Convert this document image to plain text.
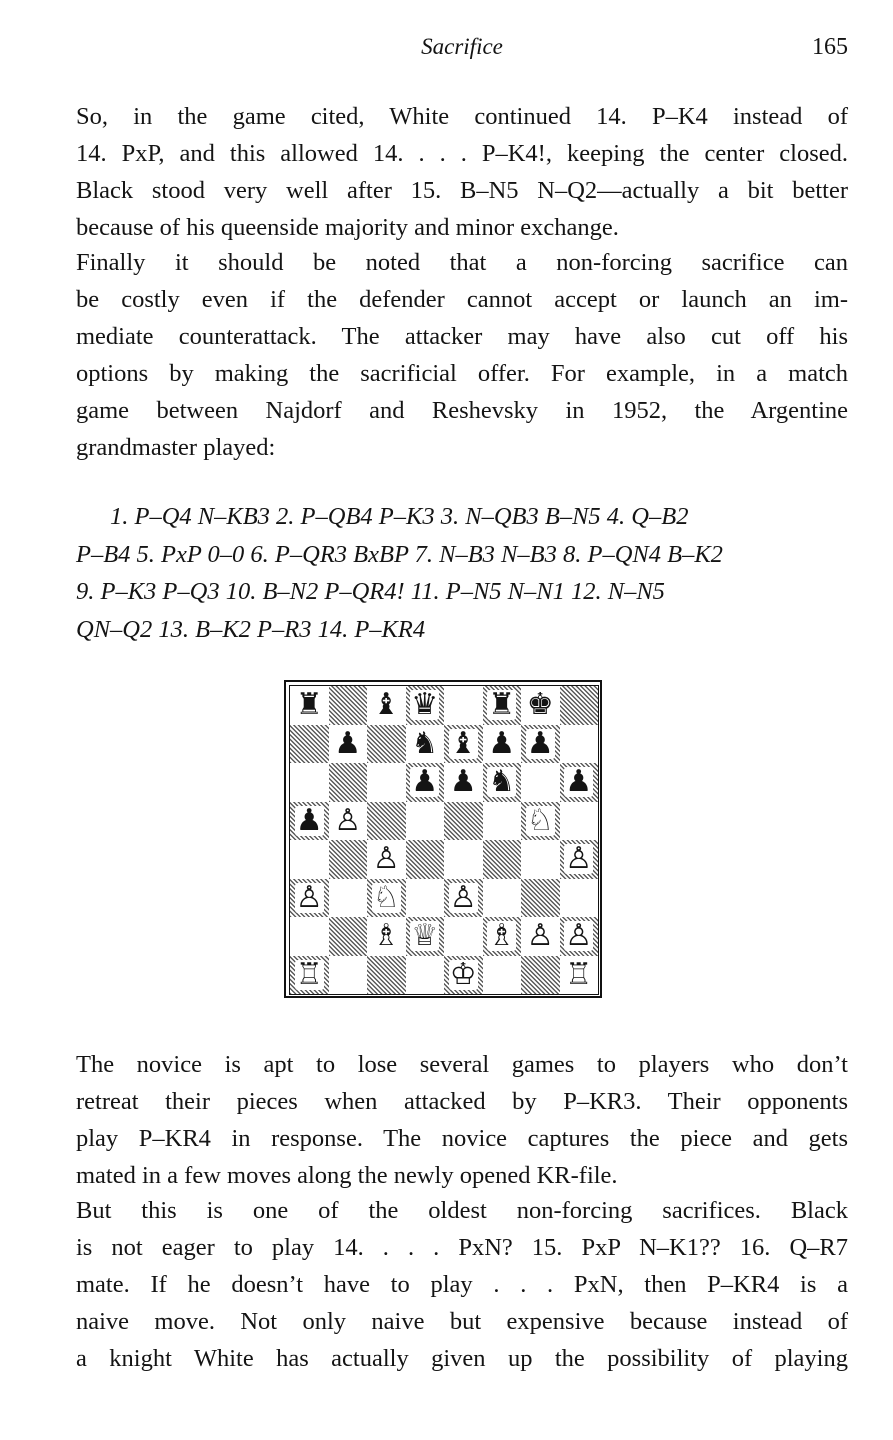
Sacrifice	165
So, in the game cited, White continued 14. P–K4 instead of
14. PxP, and this allowed 14. . . . P–K4!, keeping the center closed.
Black stood very well after 15. B–N5 N–Q2—actually a bit better
because of his queenside majority and minor exchange.
Finally it should be noted that a non-forcing sacrifice can
be costly even if the defender cannot accept or launch an im-
mediate counterattack. The attacker may have also cut off his
options by making the sacrificial offer. For example, in a match
game between Najdorf and Reshevsky in 1952, the Argentine
grandmaster played:
1. P–Q4 N–KB3 2. P–QB4 P–K3 3. N–QB3 B–N5 4. Q–B2
P–B4 5. PxP 0–0 6. P–QR3 BxBP 7. N–B3 N–B3 8. P–QN4 B–K2
9. P–K3 P–Q3 10. B–N2 P–QR4! 11. P–N5 N–N1 12. N–N5
QN–Q2 13. B–K2 P–R3 14. P–KR4
♜ ♝ ♛ ♜ ♚
♟ ♞ ♝ ♟ ♟
♟ ♟ ♞ ♟
♟ ♙	♘
♙	♙
♙ ♘ ♙
♗ ♕ ♗ ♙ ♙
♖	♔	♖
The novice is apt to lose several games to players who don’t
retreat their pieces when attacked by P–KR3. Their opponents
play P–KR4 in response. The novice captures the piece and gets
mated in a few moves along the newly opened KR-file.
But this is one of the oldest non-forcing sacrifices. Black
is not eager to play 14. . . . PxN? 15. PxP N–K1?? 16. Q–R7
mate. If he doesn’t have to play . . . PxN, then P–KR4 is a
naive move. Not only naive but expensive because instead of
a knight White has actually given up the possibility of playing
